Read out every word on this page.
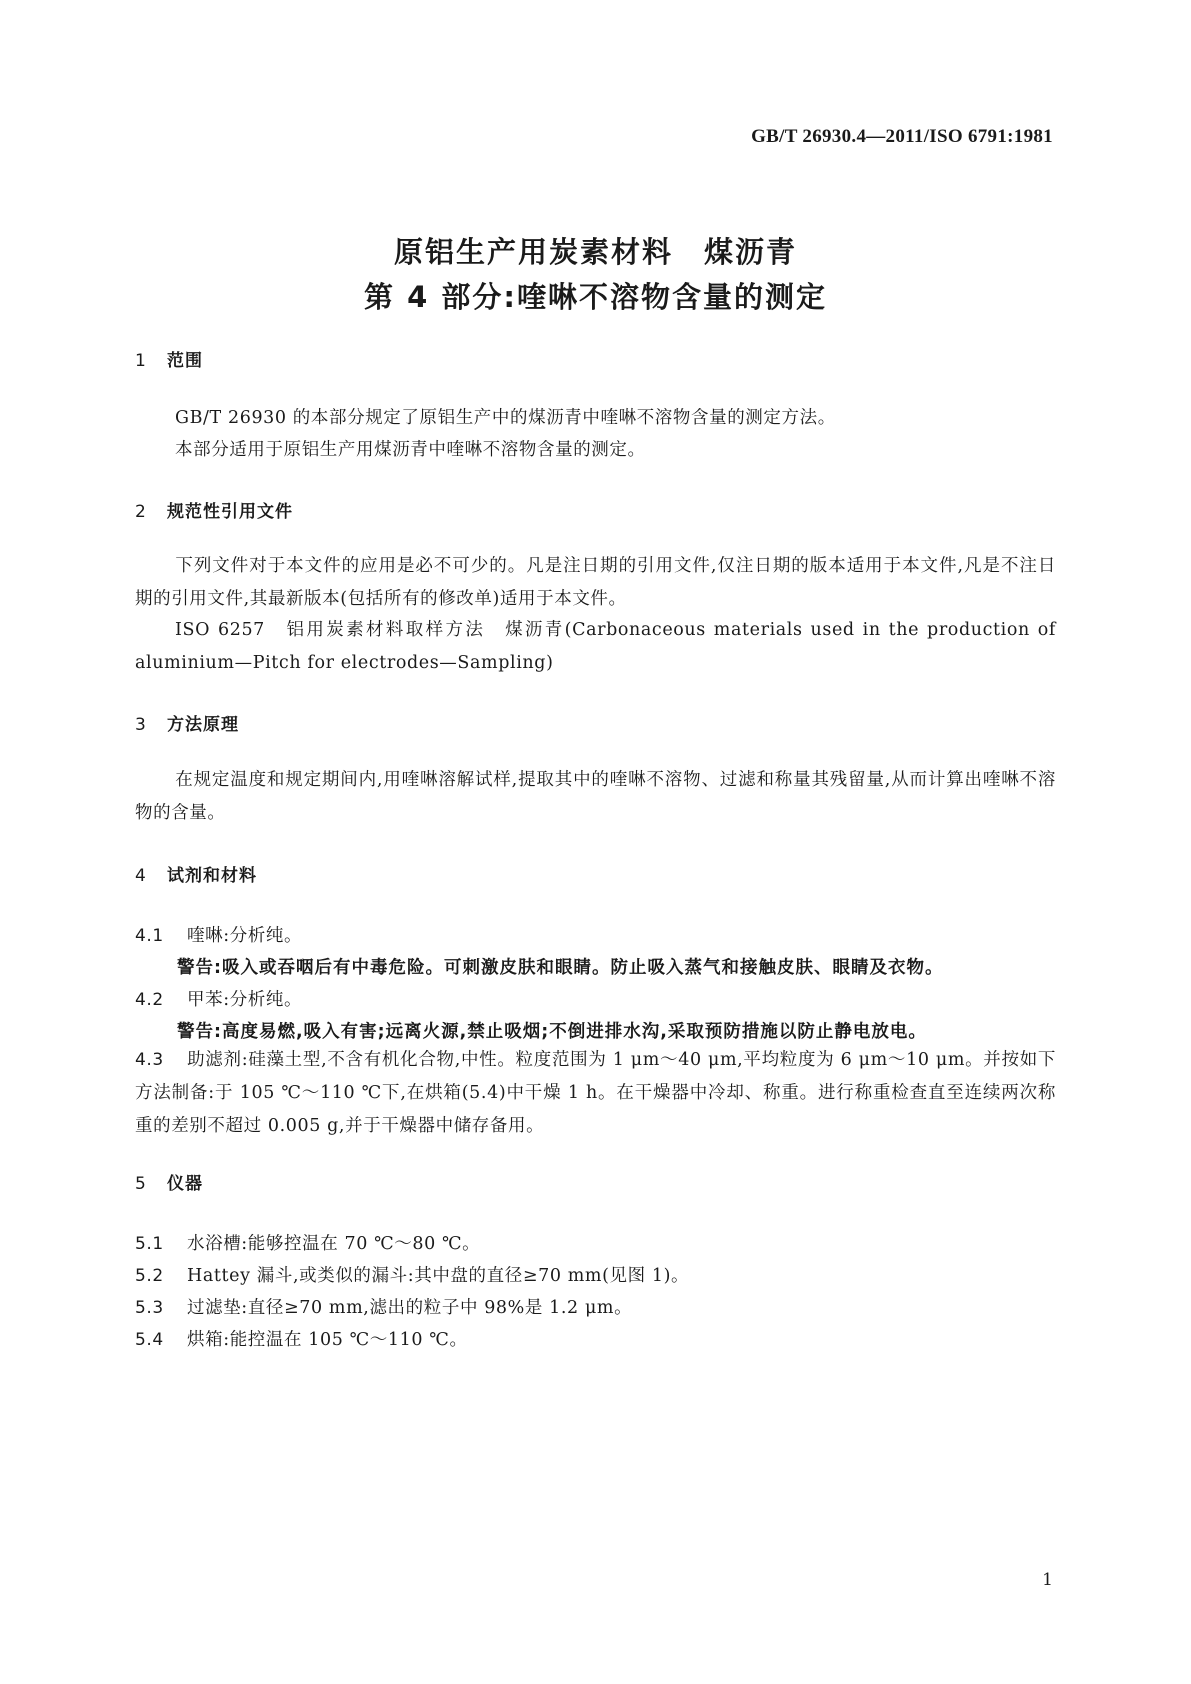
GB/T 26930.4—2011/ISO 6791:1981
原铝生产用炭素材料　煤沥青
第 4 部分:喹啉不溶物含量的测定
1 范围
GB/T 26930 的本部分规定了原铝生产中的煤沥青中喹啉不溶物含量的测定方法。
本部分适用于原铝生产用煤沥青中喹啉不溶物含量的测定。
2 规范性引用文件
下列文件对于本文件的应用是必不可少的。凡是注日期的引用文件,仅注日期的版本适用于本文件,凡是不注日期的引用文件,其最新版本(包括所有的修改单)适用于本文件。
ISO 6257　铝用炭素材料取样方法　煤沥青(Carbonaceous materials used in the production of aluminium—Pitch for electrodes—Sampling)
3 方法原理
在规定温度和规定期间内,用喹啉溶解试样,提取其中的喹啉不溶物、过滤和称量其残留量,从而计算出喹啉不溶物的含量。
4 试剂和材料
4.1 喹啉:分析纯。
警告:吸入或吞咽后有中毒危险。可刺激皮肤和眼睛。防止吸入蒸气和接触皮肤、眼睛及衣物。
4.2 甲苯:分析纯。
警告:高度易燃,吸入有害;远离火源,禁止吸烟;不倒进排水沟,采取预防措施以防止静电放电。
4.3 助滤剂:硅藻土型,不含有机化合物,中性。粒度范围为 1 μm～40 μm,平均粒度为 6 μm～10 μm。并按如下方法制备:于 105 ℃～110 ℃下,在烘箱(5.4)中干燥 1 h。在干燥器中冷却、称重。进行称重检查直至连续两次称重的差别不超过 0.005 g,并于干燥器中储存备用。
5 仪器
5.1 水浴槽:能够控温在 70 ℃～80 ℃。
5.2 Hattey 漏斗,或类似的漏斗:其中盘的直径≥70 mm(见图 1)。
5.3 过滤垫:直径≥70 mm,滤出的粒子中 98%是 1.2 μm。
5.4 烘箱:能控温在 105 ℃～110 ℃。
1
